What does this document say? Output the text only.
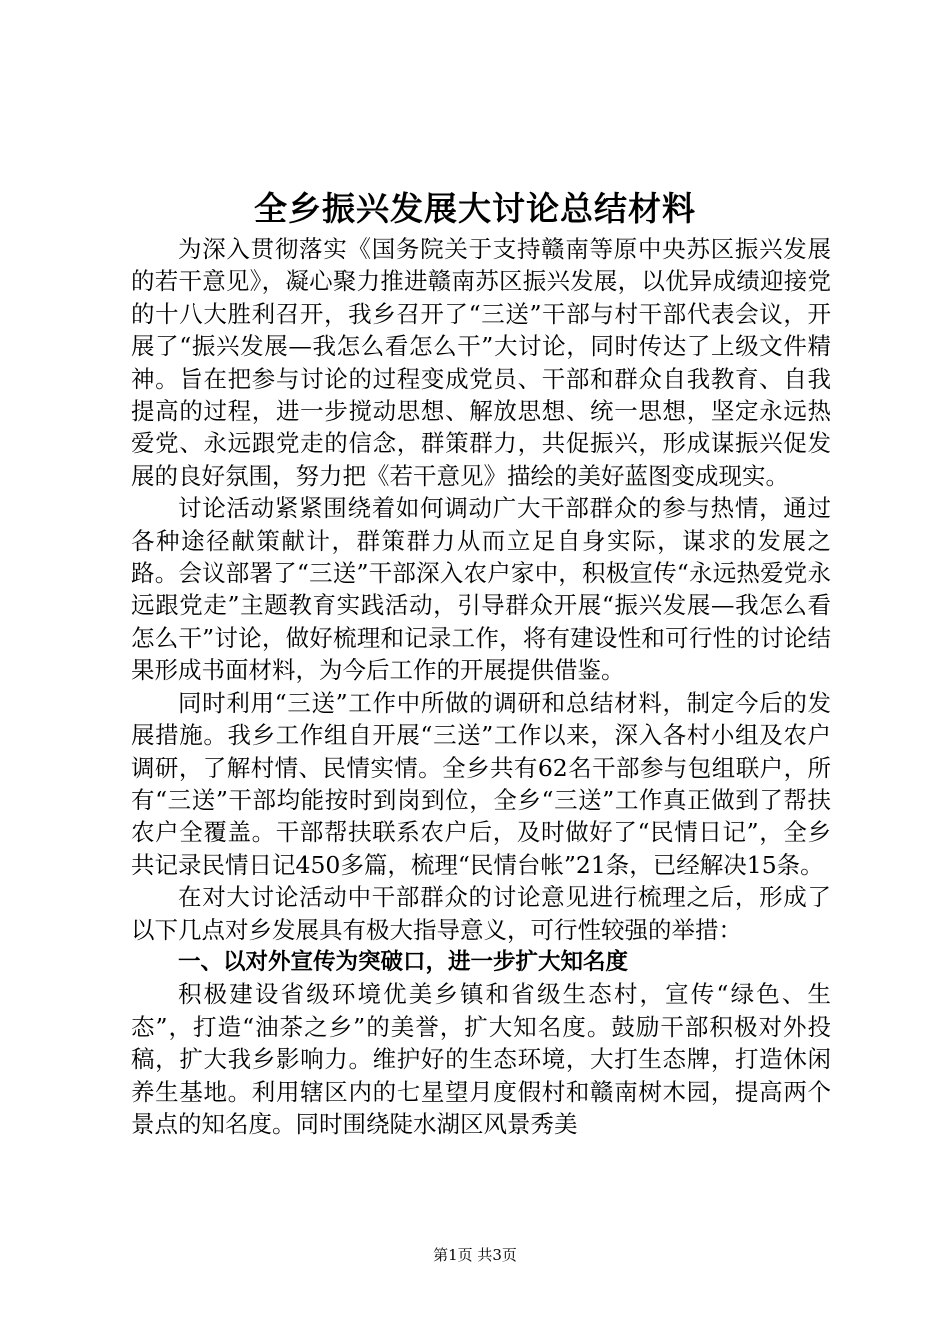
全乡振兴发展大讨论总结材料

为深入贯彻落实《国务院关于支持赣南等原中央苏区振兴发展的若干意见》，凝心聚力推进赣南苏区振兴发展，以优异成绩迎接党的十八大胜利召开，我乡召开了“三送”干部与村干部代表会议，开展了“振兴发展—我怎么看怎么干”大讨论，同时传达了上级文件精神。旨在把参与讨论的过程变成党员、干部和群众自我教育、自我提高的过程，进一步搅动思想、解放思想、统一思想，坚定永远热爱党、永远跟党走的信念，群策群力，共促振兴，形成谋振兴促发展的良好氛围，努力把《若干意见》描绘的美好蓝图变成现实。

讨论活动紧紧围绕着如何调动广大干部群众的参与热情，通过各种途径献策献计，群策群力从而立足自身实际，谋求的发展之路。会议部署了“三送”干部深入农户家中，积极宣传“永远热爱党永远跟党走”主题教育实践活动，引导群众开展“振兴发展—我怎么看怎么干”讨论，做好梳理和记录工作，将有建设性和可行性的讨论结果形成书面材料，为今后工作的开展提供借鉴。

同时利用“三送”工作中所做的调研和总结材料，制定今后的发展措施。我乡工作组自开展“三送”工作以来，深入各村小组及农户调研，了解村情、民情实情。全乡共有62名干部参与包组联户，所有“三送”干部均能按时到岗到位，全乡“三送”工作真正做到了帮扶农户全覆盖。干部帮扶联系农户后，及时做好了“民情日记”，全乡共记录民情日记450多篇，梳理“民情台帐”21条，已经解决15条。

在对大讨论活动中干部群众的讨论意见进行梳理之后，形成了以下几点对乡发展具有极大指导意义，可行性较强的举措：

一、以对外宣传为突破口，进一步扩大知名度

积极建设省级环境优美乡镇和省级生态村，宣传“绿色、生态”，打造“油茶之乡”的美誉，扩大知名度。鼓励干部积极对外投稿，扩大我乡影响力。维护好的生态环境，大打生态牌，打造休闲养生基地。利用辖区内的七星望月度假村和赣南树木园，提高两个景点的知名度。同时围绕陡水湖区风景秀美

第1页 共3页
